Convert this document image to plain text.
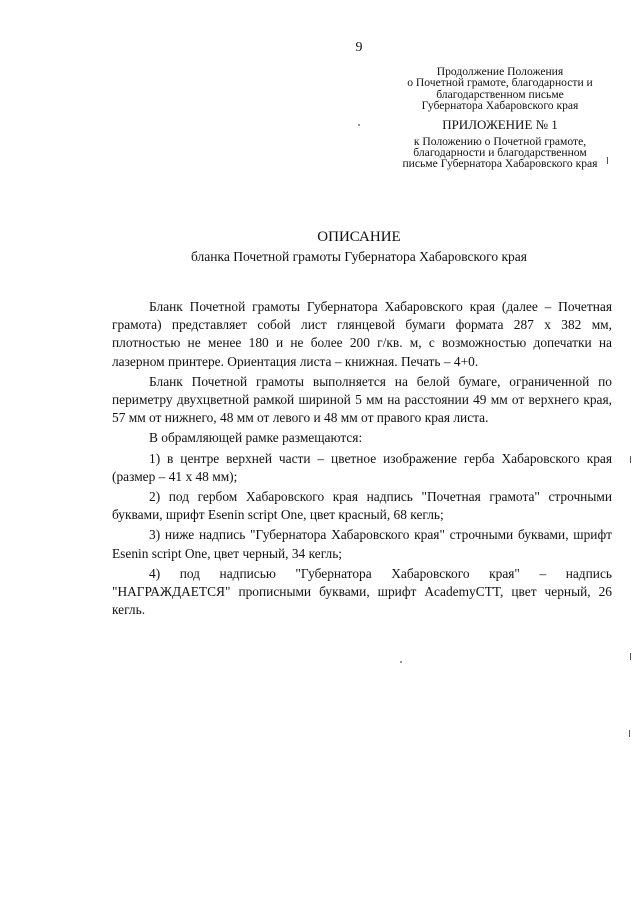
9
Продолжение Положения
о Почетной грамоте, благодарности и
благодарственном письме
Губернатора Хабаровского края
ПРИЛОЖЕНИЕ № 1
к Положению о Почетной грамоте,
благодарности и благодарственном
письме Губернатора Хабаровского края
ОПИСАНИЕ
бланка Почетной грамоты Губернатора Хабаровского края

Бланк Почетной грамоты Губернатора Хабаровского края (далее – Почетная грамота) представляет собой лист глянцевой бумаги формата 287 х 382 мм, плотностью не менее 180 и не более 200 г/кв. м, с возможностью допечатки на лазерном принтере. Ориентация листа – книжная. Печать – 4+0.

Бланк Почетной грамоты выполняется на белой бумаге, ограниченной по периметру двухцветной рамкой шириной 5 мм на расстоянии 49 мм от верхнего края, 57 мм от нижнего, 48 мм от левого и 48 мм от правого края листа.

В обрамляющей рамке размещаются:

1) в центре верхней части – цветное изображение герба Хабаровского края (размер – 41 х 48 мм);

2) под гербом Хабаровского края надпись "Почетная грамота" строчными буквами, шрифт Esenin script One, цвет красный, 68 кегль;

3) ниже надпись "Губернатора Хабаровского края" строчными буквами, шрифт Esenin script One, цвет черный, 34 кегль;

4) под надписью "Губернатора Хабаровского края" – надпись "НАГРАЖДАЕТСЯ" прописными буквами, шрифт AcademyCTT, цвет черный, 26 кегль.
